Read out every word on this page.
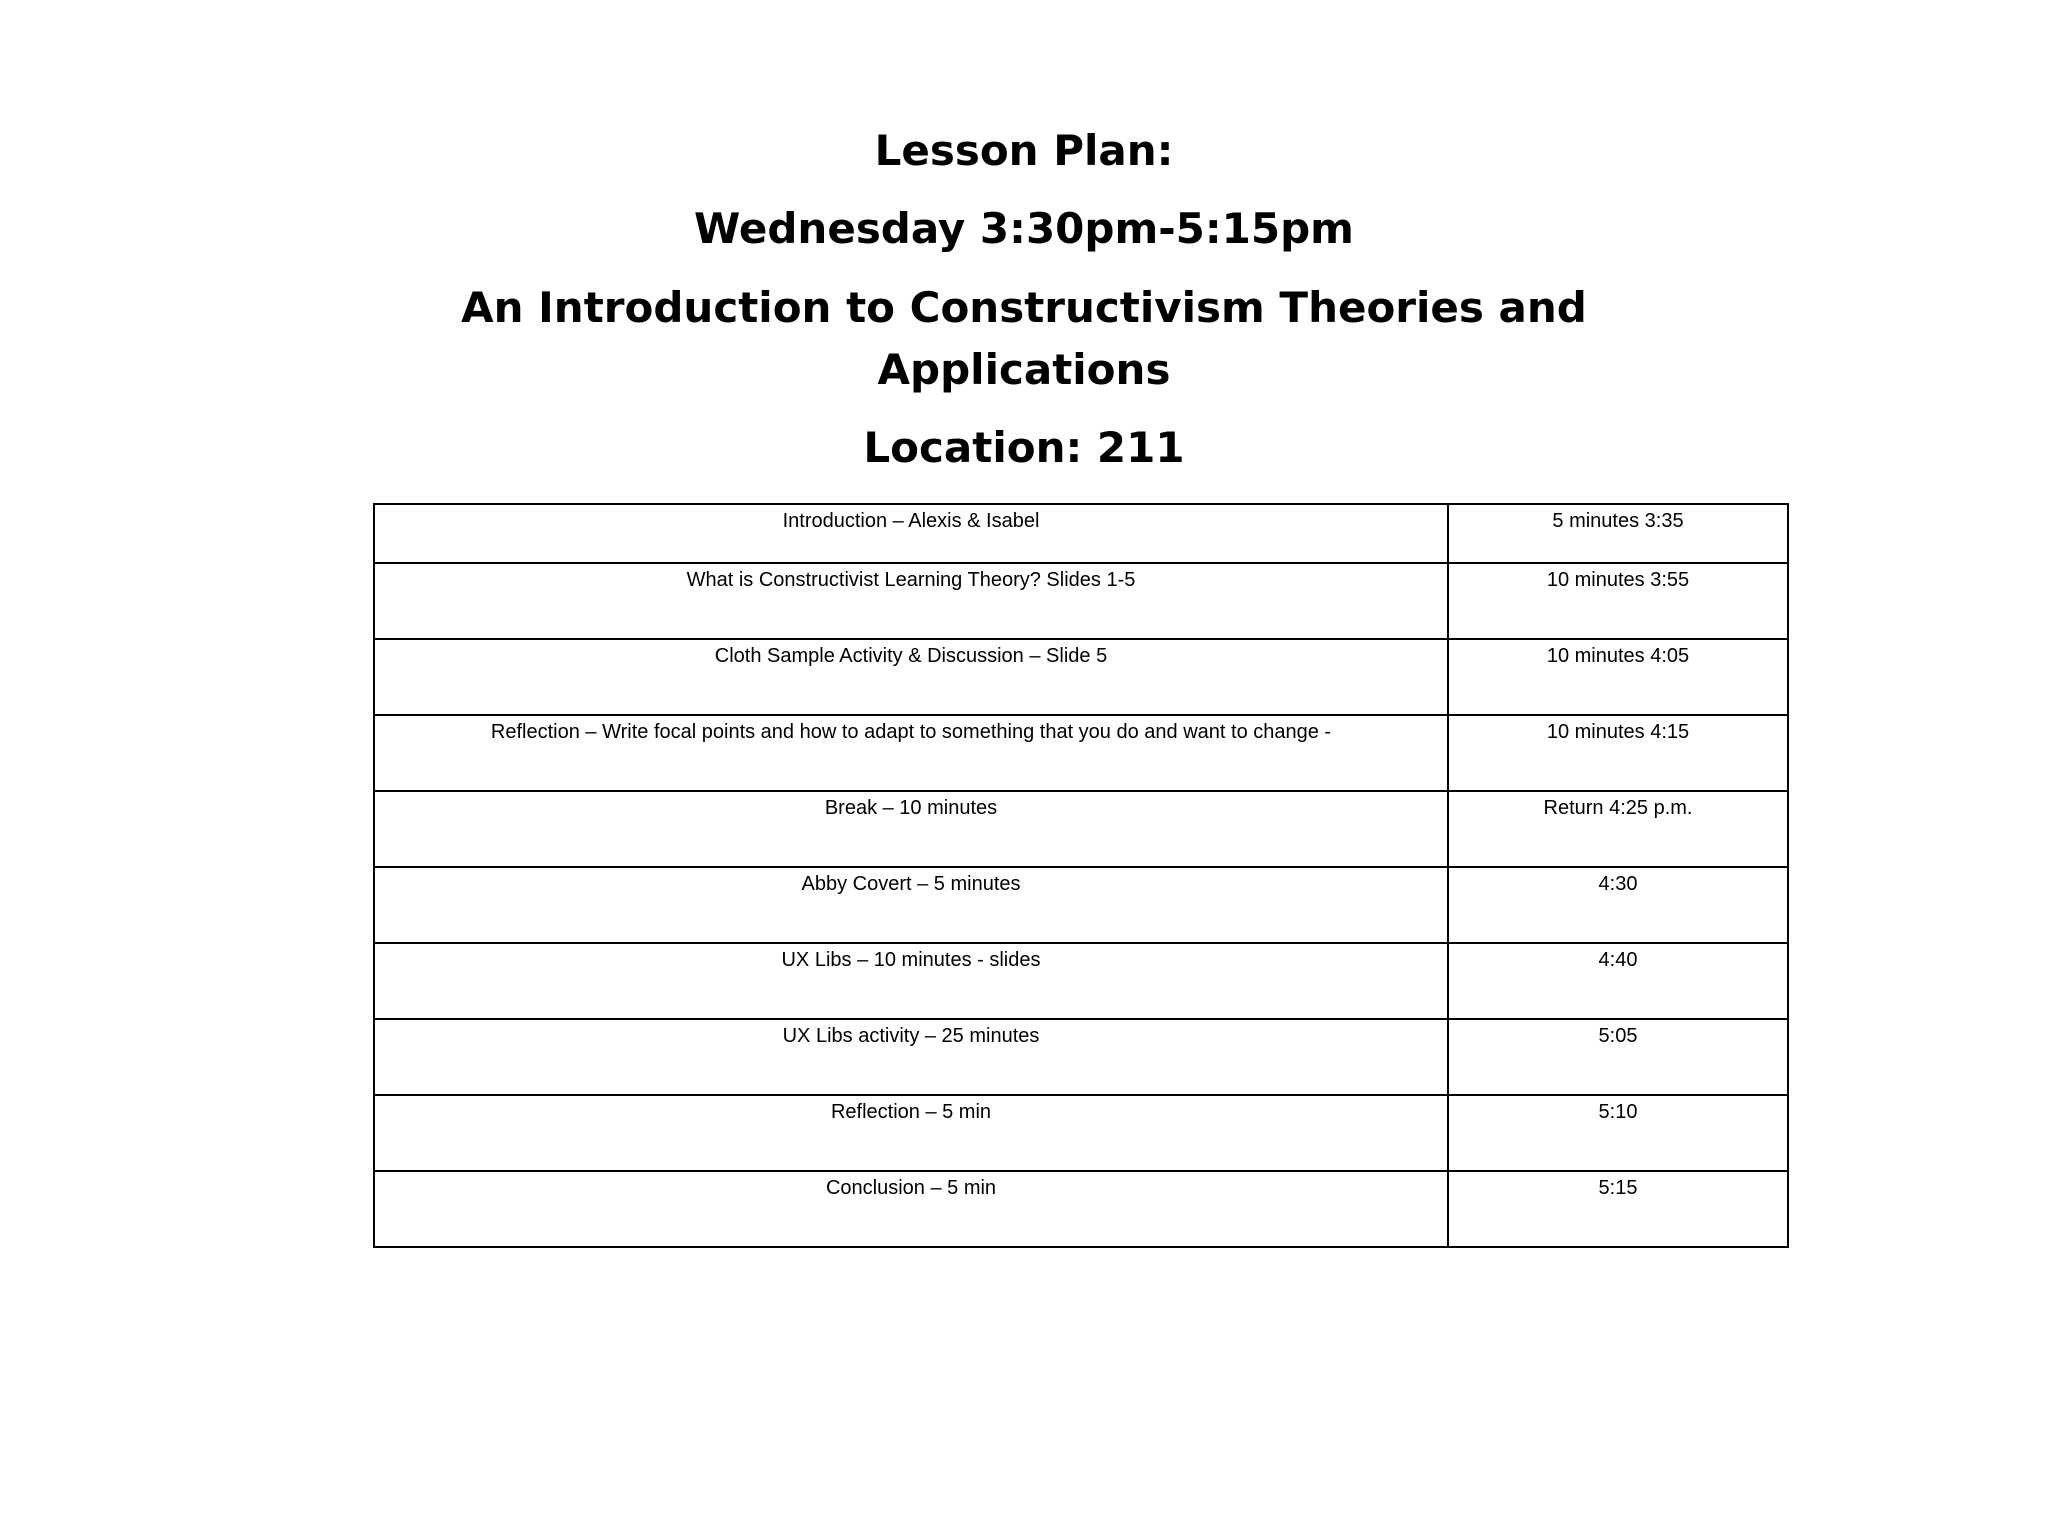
Lesson Plan:
Wednesday 3:30pm-5:15pm
An Introduction to Constructivism Theories and
Applications
Location: 211
Introduction – Alexis & Isabel	5 minutes 3:35
What is Constructivist Learning Theory? Slides 1-5	10 minutes 3:55
Cloth Sample Activity & Discussion – Slide 5	10 minutes 4:05
Reflection – Write focal points and how to adapt to something that you do and want to change -	10 minutes 4:15
Break – 10 minutes	Return 4:25 p.m.
Abby Covert – 5 minutes	4:30
UX Libs – 10 minutes - slides	4:40
UX Libs activity – 25 minutes	5:05
Reflection – 5 min	5:10
Conclusion – 5 min	5:15
